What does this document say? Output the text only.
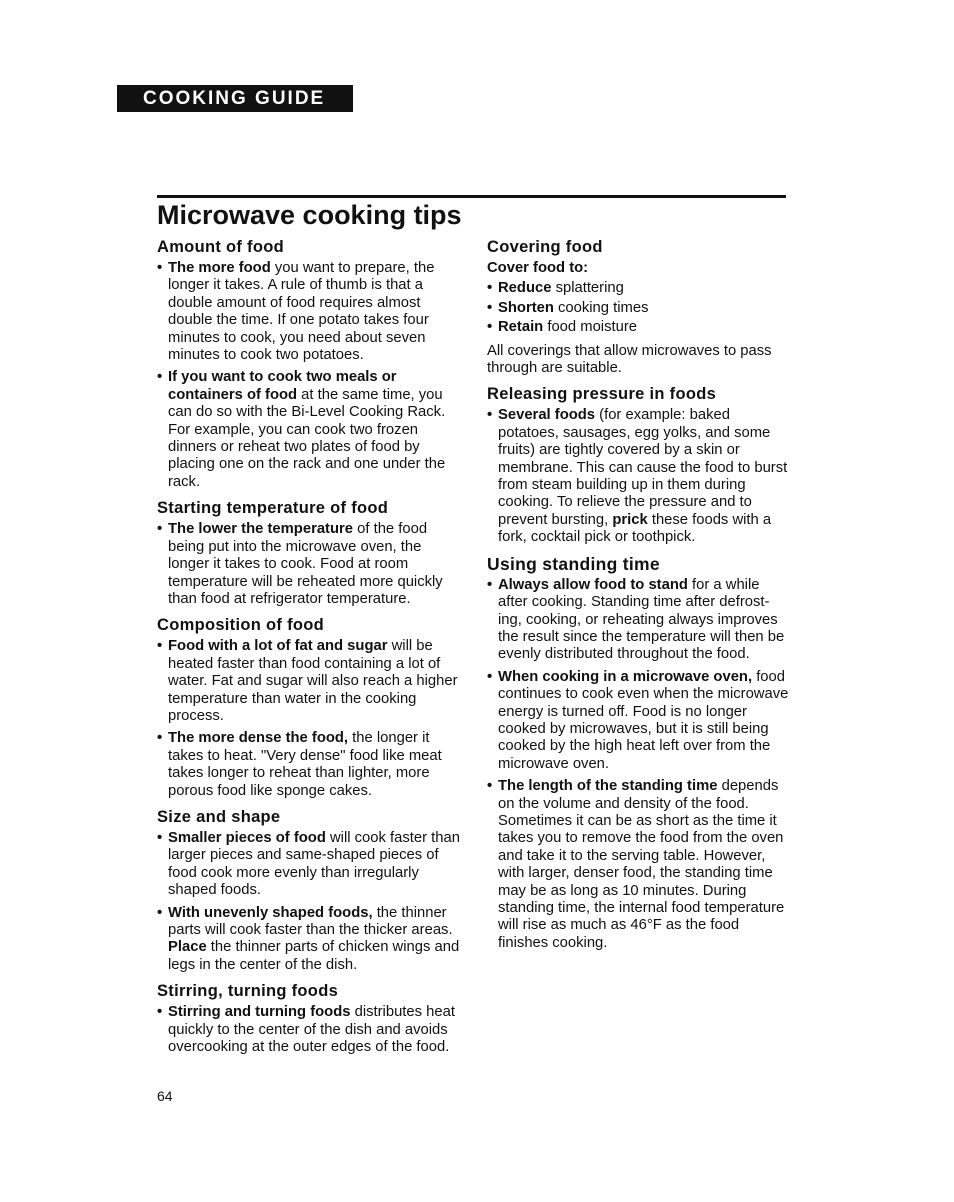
COOKING GUIDE
Microwave cooking tips
Amount of food
• The more food you want to prepare, the longer it takes. A rule of thumb is that a double amount of food requires almost double the time. If one potato takes four minutes to cook, you need about seven minutes to cook two potatoes.
• If you want to cook two meals or containers of food at the same time, you can do so with the Bi-Level Cooking Rack. For example, you can cook two frozen dinners or reheat two plates of food by placing one on the rack and one under the rack.
Starting temperature of food
• The lower the temperature of the food being put into the microwave oven, the longer it takes to cook. Food at room temperature will be reheated more quickly than food at refrigerator temperature.
Composition of food
• Food with a lot of fat and sugar will be heated faster than food containing a lot of water. Fat and sugar will also reach a higher temperature than water in the cooking process.
• The more dense the food, the longer it takes to heat. "Very dense" food like meat takes longer to reheat than lighter, more porous food like sponge cakes.
Size and shape
• Smaller pieces of food will cook faster than larger pieces and same-shaped pieces of food cook more evenly than irregularly shaped foods.
• With unevenly shaped foods, the thinner parts will cook faster than the thicker areas. Place the thinner parts of chicken wings and legs in the center of the dish.
Stirring, turning foods
• Stirring and turning foods distributes heat quickly to the center of the dish and avoids overcooking at the outer edges of the food.
Covering food
Cover food to:
• Reduce splattering
• Shorten cooking times
• Retain food moisture

All coverings that allow microwaves to pass through are suitable.

Releasing pressure in foods
• Several foods (for example: baked potatoes, sausages, egg yolks, and some fruits) are tightly covered by a skin or membrane. This can cause the food to burst from steam building up in them during cooking. To relieve the pressure and to prevent bursting, prick these foods with a fork, cocktail pick or toothpick.
Using standing time
• Always allow food to stand for a while after cooking. Standing time after defrost-ing, cooking, or reheating always improves the result since the temperature will then be evenly distributed throughout the food.
• When cooking in a microwave oven, food continues to cook even when the microwave energy is turned off. Food is no longer cooked by microwaves, but it is still being cooked by the high heat left over from the microwave oven.
• The length of the standing time depends on the volume and density of the food. Sometimes it can be as short as the time it takes you to remove the food from the oven and take it to the serving table. However, with larger, denser food, the standing time may be as long as 10 minutes. During standing time, the internal food temperature will rise as much as 46°F as the food finishes cooking.
64
